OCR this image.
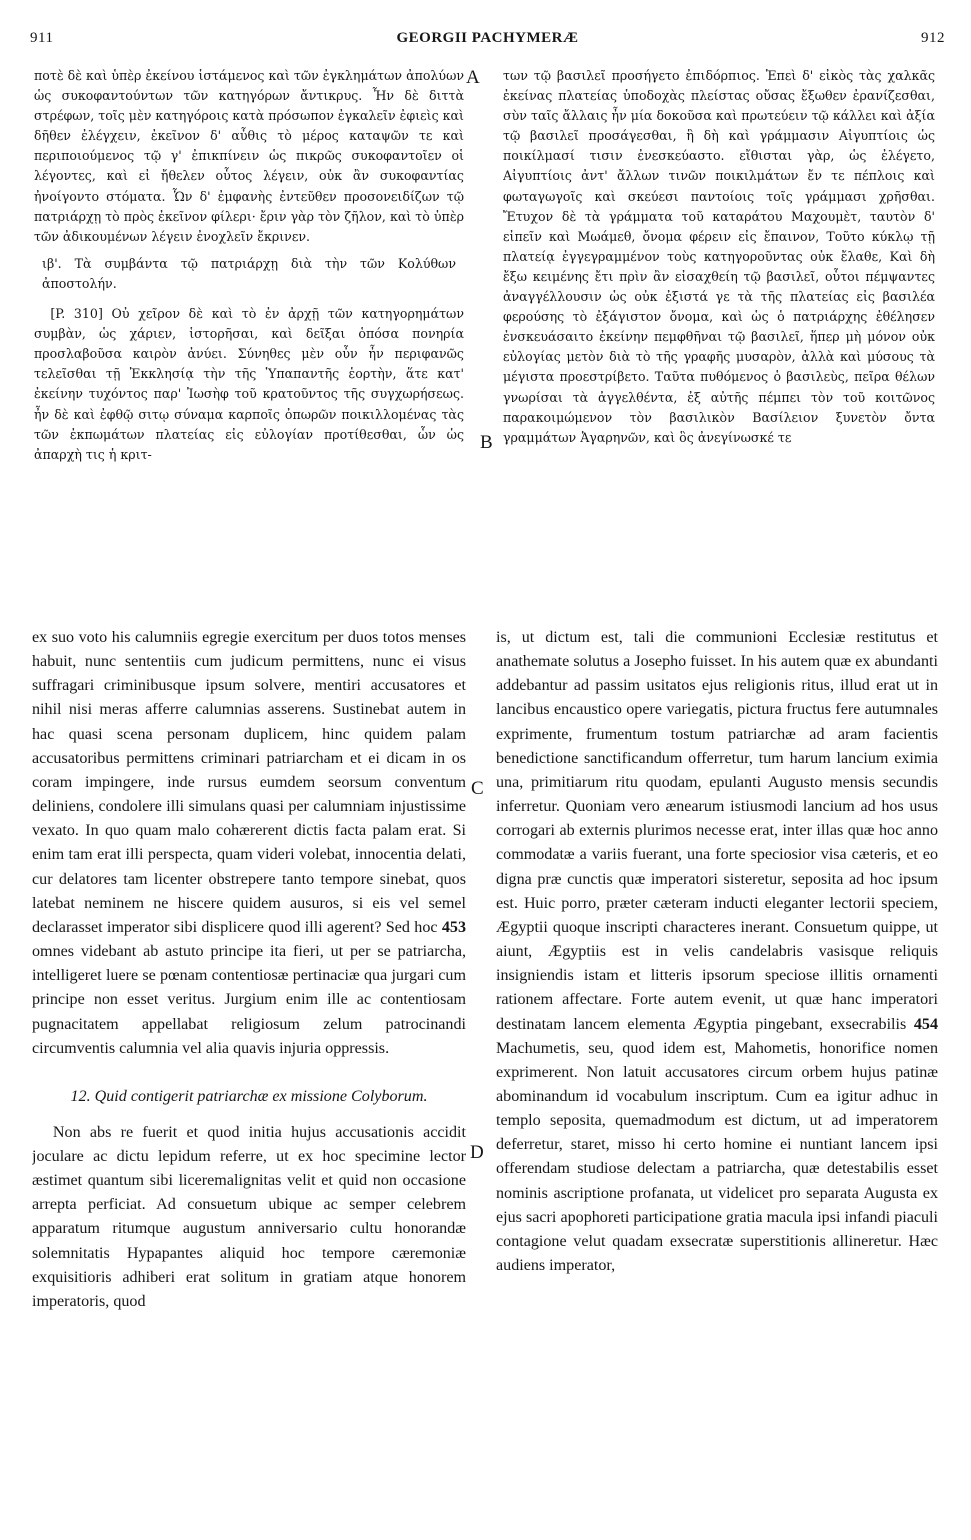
911	GEORGII PACHYMERÆ	912

ποτὲ δὲ καὶ ὑπὲρ ἐκείνου ἱστάμενος καὶ τῶν ἐγκλημάτων ἀπολύων ὡς συκοφαντούντων τῶν κατηγόρων ἄντικρυς. Ἦν δὲ διττὰ στρέφων, τοῖς μὲν κατηγόροις κατὰ πρόσωπον ἐγκαλεῖν ἐφιεὶς καὶ δῆθεν ἐλέγχειν, ἐκεῖνον δ' αὖθις τὸ μέρος καταψῶν τε καὶ περιποιούμενος τῷ γ' ἐπικπίνειν ὡς πικρῶς συκοφαντοῖεν οἱ λέγοντες, καὶ εἰ ἤθελεν οὗτος λέγειν, οὐκ ἂν συκοφαντίας ἠνοίγοντο στόματα. Ὧν δ' ἐμφανὴς ἐντεῦθεν προσονειδίζων τῷ πατριάρχῃ τὸ πρὸς ἐκεῖνον φίλερι· ἔριν γὰρ τὸν ζῆλον, καὶ τὸ ὑπὲρ τῶν ἀδικουμένων λέγειν ἐνοχλεῖν ἔκρινεν.

ιβ'. Τὰ συμβάντα τῷ πατριάρχῃ διὰ τὴν τῶν Κολύθων ἀποστολήν.

[P. 310] Οὐ χεῖρον δὲ καὶ τὸ ἐν ἀρχῇ τῶν κατηγορημάτων συμβὰν, ὡς χάριεν, ἱστορῆσαι, καὶ δεῖξαι ὁπόσα πονηρία προσλαβοῦσα καιρὸν ἀνύει. Σύνηθες μὲν οὖν ἦν περιφανῶς τελεῖσθαι τῇ Ἐκκλησίᾳ τὴν τῆς Ὑπαπαντῆς ἑορτὴν, ἅτε κατ' ἐκείνην τυχόντος παρ' Ἰωσὴφ τοῦ κρατοῦντος τῆς συγχωρήσεως. ἦν δὲ καὶ ἐφθῷ σιτῳ σύναμα καρποῖς ὀπωρῶν ποικιλλομένας τὰς τῶν ἐκπωμάτων πλατείας εἰς εὐλογίαν προτίθεσθαι, ὧν ὡς ἀπαρχὴ τις ἡ κριτ-

των τῷ βασιλεῖ προσήγετο ἐπιδόρπιος. Ἐπεὶ δ' εἰκὸς τὰς χαλκᾶς ἐκείνας πλατείας ὑποδοχὰς πλείστας οὔσας ἔξωθεν ἐρανίζεσθαι, σὺν ταῖς ἄλλαις ἦν μία δοκοῦσα καὶ πρωτεύειν τῷ κάλλει καὶ ἀξία τῷ βασιλεῖ προσάγεσθαι, ἣ δὴ καὶ γράμμασιν Αἰγυπτίοις ὡς ποικίλμασί τισιν ἐνεσκεύαστο. εἴθισται γὰρ, ὡς ἐλέγετο, Αἰγυπτίοις ἀντ' ἄλλων τινῶν ποικιλμάτων ἔν τε πέπλοις καὶ φωταγωγοῖς καὶ σκεύεσι παντοίοις τοῖς γράμμασι χρῆσθαι. Ἔτυχον δὲ τὰ γράμματα τοῦ καταράτου Μαχουμὲτ, ταυτὸν δ' εἰπεῖν καὶ Μωάμεθ, ὄνομα φέρειν εἰς ἔπαινον, Τοῦτο κύκλῳ τῇ πλατείᾳ ἐγγεγραμμένον τοὺς κατηγοροῦντας οὐκ ἔλαθε, Καὶ δὴ ἔξω κειμένης ἔτι πρὶν ἂν εἰσαχθείη τῷ βασιλεῖ, οὗτοι πέμψαντες ἀναγγέλλουσιν ὡς οὐκ ἐξιστά γε τὰ τῆς πλατείας εἰς βασιλέα φερούσης τὸ ἐξάγιστον ὄνομα, καὶ ὡς ὁ πατριάρχης ἐθέλησεν ἐνσκευάσαιτο ἐκείνην πεμφθῆναι τῷ βασιλεῖ, ἥπερ μὴ μόνον οὐκ εὐλογίας μετὸν διὰ τὸ τῆς γραφῆς μυσαρὸν, ἀλλὰ καὶ μύσους τὰ μέγιστα προεστρίβετο. Ταῦτα πυθόμενος ὁ βασιλεὺς, πεῖρα θέλων γνωρίσαι τὰ ἀγγελθέντα, ἐξ αὐτῆς πέμπει τὸν τοῦ κοιτῶνος παρακοιμώμενον τὸν βασιλικὸν Βασίλειον ξυνετὸν ὄντα γραμμάτων Ἀγαρηνῶν, καὶ ὃς ἀνεγίνωσκέ τε

ex suo voto his calumniis egregie exercitum per duos totos menses habuit, nunc sententiis cum judicum permittens, nunc ei visus suffragari criminibusque ipsum solvere, mentiri accusatores et nihil nisi meras afferre calumnias asserens. Sustinebat autem in hac quasi scena personam duplicem, hinc quidem palam accusatoribus permittens criminari patriarcham et ei dicam in os coram impingere, inde rursus eumdem seorsum conventum deliniens, condolere illi simulans quasi per calumniam injustissime vexato. In quo quam malo cohærerent dictis facta palam erat. Si enim tam erat illi perspecta, quam videri volebat, innocentia delati, cur delatores tam licenter obstrepere tanto tempore sinebat, quos latebat neminem ne hiscere quidem ausuros, si eis vel semel declarasset imperator sibi displicere quod illi agerent? Sed hoc 453 omnes videbant ab astuto principe ita fieri, ut per se patriarcha, intelligeret luere se pœnam contentiosæ pertinaciæ qua jurgari cum principe non esset veritus. Jurgium enim ille ac contentiosam pugnacitatem appellabat religiosum zelum patrocinandi circumventis calumnia vel alia quavis injuria oppressis.

12. Quid contigerit patriarchæ ex missione Colyborum.

Non abs re fuerit et quod initia hujus accusationis accidit joculare ac dictu lepidum referre, ut ex hoc specimine lector æstimet quantum sibi liceremalignitas velit et quid non occasione arrepta perficiat. Ad consuetum ubique ac semper celebrem apparatum ritumque augustum anniversario cultu honorandæ solemnitatis Hypapantes aliquid hoc tempore cæremoniæ exquisitioris adhiberi erat solitum in gratiam atque honorem imperatoris, quod

is, ut dictum est, tali die communioni Ecclesiæ restitutus et anathemate solutus a Josepho fuisset. In his autem quæ ex abundanti addebantur ad passim usitatos ejus religionis ritus, illud erat ut in lancibus encaustico opere variegatis, pictura fructus fere autumnales exprimente, frumentum tostum patriarchæ ad aram facientis benedictione sanctificandum offerretur, tum harum lancium eximia una, primitiarum ritu quodam, epulanti Augusto mensis secundis inferretur. Quoniam vero ænearum istiusmodi lancium ad hos usus corrogari ab externis plurimos necesse erat, inter illas quæ hoc anno commodatæ a variis fuerant, una forte speciosior visa cæteris, et eo digna præ cunctis quæ imperatori sisteretur, seposita ad hoc ipsum est. Huic porro, præter cæteram inducti eleganter lectorii speciem, Ægyptii quoque inscripti characteres inerant. Consuetum quippe, ut aiunt, Ægyptiis est in velis candelabris vasisque reliquis insigniendis istam et litteris ipsorum speciose illitis ornamenti rationem affectare. Forte autem evenit, ut quæ hanc imperatori destinatam lancem elementa Ægyptia pingebant, exsecrabilis 454 Machumetis, seu, quod idem est, Mahometis, honorifice nomen exprimerent. Non latuit accusatores circum orbem hujus patinæ abominandum id vocabulum inscriptum. Cum ea igitur adhuc in templo seposita, quemadmodum est dictum, ut ad imperatorem deferretur, staret, misso hi certo homine ei nuntiant lancem ipsi offerendam studiose delectam a patriarcha, quæ detestabilis esset nominis ascriptione profanata, ut videlicet pro separata Augusta ex ejus sacri apophoreti participatione gratia macula ipsi infandi piaculi contagione velut quadam exsecratæ superstitionis allineretur. Hæc audiens imperator,

A
B
C
D
